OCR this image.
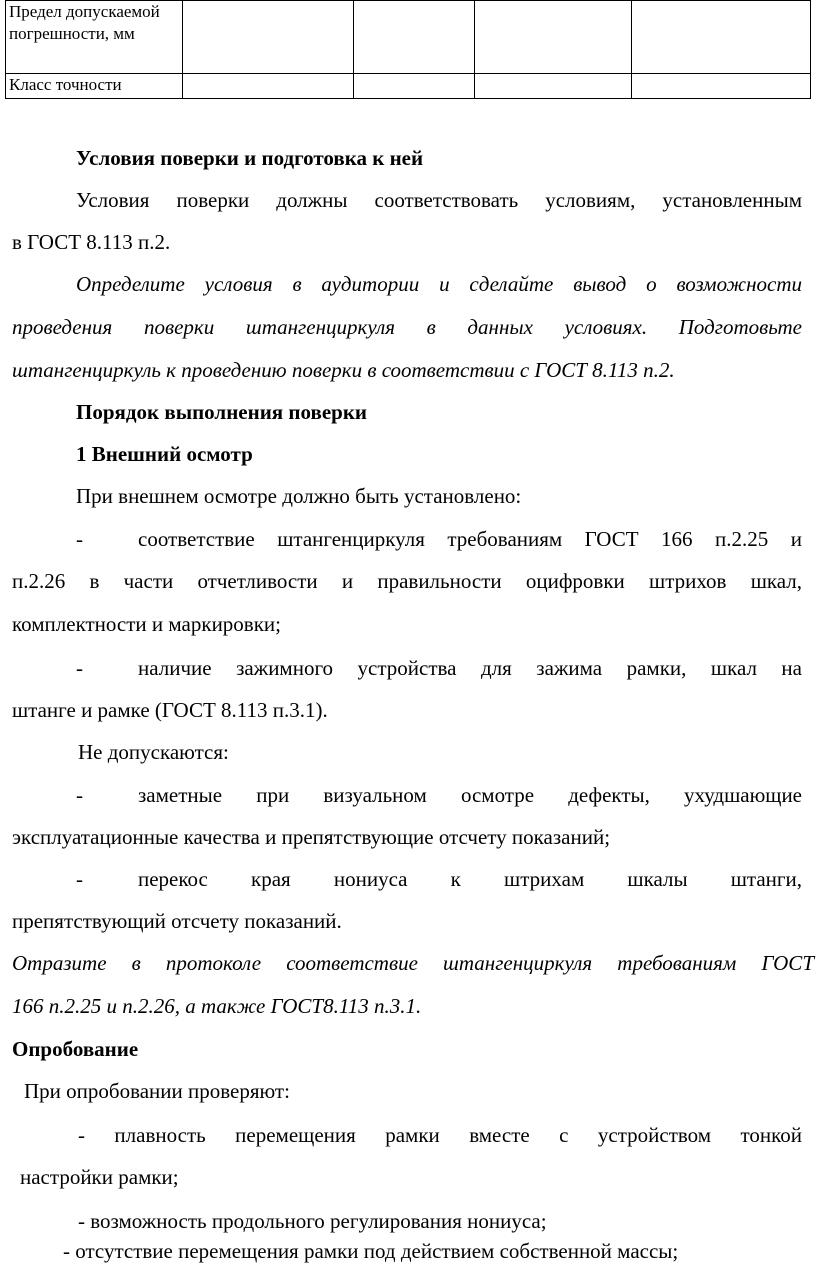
Предел допускаемой погрешности, мм				
Класс точности				
Условия поверки и подготовка к ней
Условия поверки должны соответствовать условиям, установленным
в ГОСТ 8.113 п.2.
Определите условия в аудитории и сделайте вывод о возможности
проведения поверки штангенциркуля в данных условиях. Подготовьте
штангенциркуль к проведению поверки в соответствии с ГОСТ 8.113 п.2.
Порядок выполнения поверки
1 Внешний осмотр
При внешнем осмотре должно быть установлено:
-	соответствие штангенциркуля требованиям ГОСТ 166 п.2.25 и
п.2.26 в части отчетливости и правильности оцифровки штрихов шкал,
комплектности и маркировки;
-	наличие зажимного устройства для зажима рамки, шкал на
штанге и рамке (ГОСТ 8.113 п.3.1).
Не допускаются:
-	заметные при визуальном осмотре дефекты, ухудшающие
эксплуатационные качества и препятствующие отсчету показаний;
-	перекос края нониуса к штрихам шкалы штанги,
препятствующий отсчету показаний.
Отразите в протоколе соответствие штангенциркуля требованиям ГОСТ
166 п.2.25 и п.2.26, а также ГОСТ8.113 п.3.1.
Опробование
При опробовании проверяют:
- плавность перемещения рамки вместе с устройством тонкой
настройки рамки;
- возможность продольного регулирования нониуса;
- отсутствие перемещения рамки под действием собственной массы;
